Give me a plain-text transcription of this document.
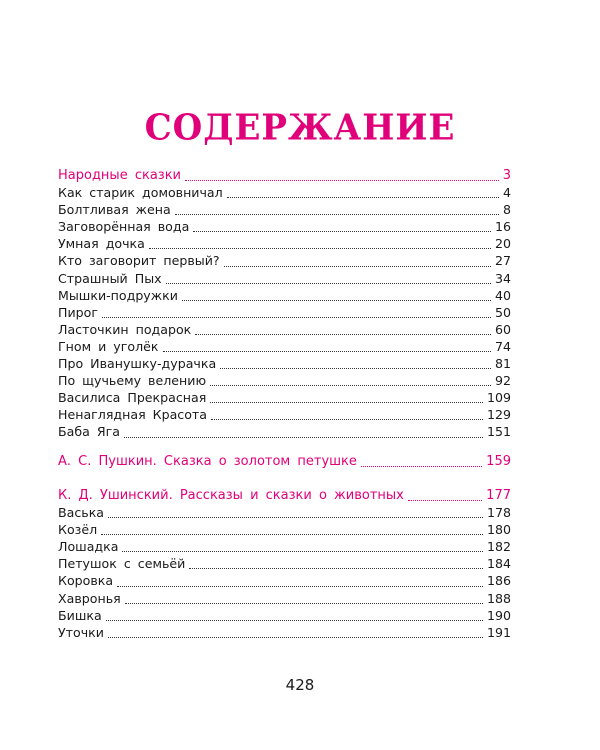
СОДЕРЖАНИЕ
Народные сказки	3
Как старик домовничал	4
Болтливая жена	8
Заговорённая вода	16
Умная дочка	20
Кто заговорит первый?	27
Страшный Пых	34
Мышки-подружки	40
Пирог	50
Ласточкин подарок	60
Гном и уголёк	74
Про Иванушку-дурачка	81
По щучьему велению	92
Василиса Прекрасная	109
Ненаглядная Красота	129
Баба Яга	151
А. С. Пушкин. Сказка о золотом петушке	159
К. Д. Ушинский. Рассказы и сказки о животных	177
Васька	178
Козёл	180
Лошадка	182
Петушок с семьёй	184
Коровка	186
Хавронья	188
Бишка	190
Уточки	191
428
